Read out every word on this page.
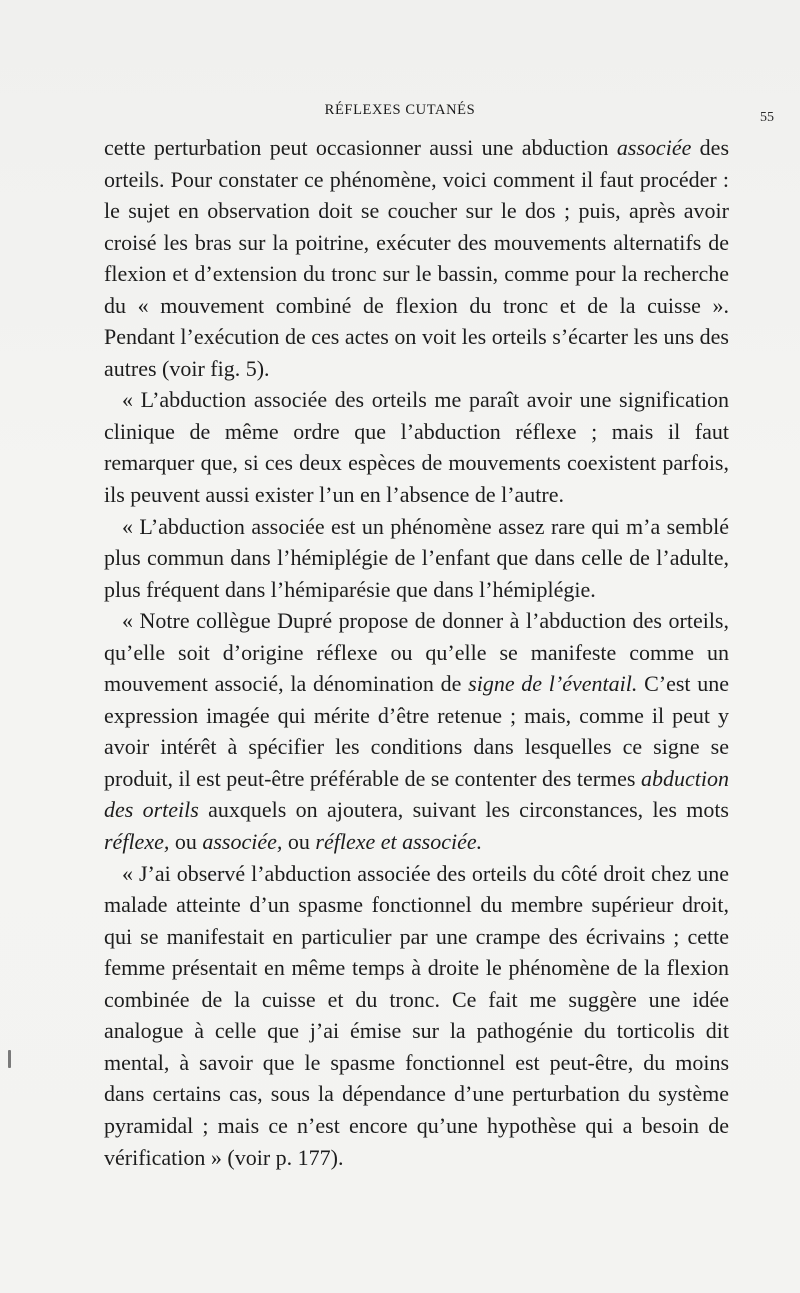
RÉFLEXES CUTANÉS	55

cette perturbation peut occasionner aussi une abduction associée des orteils. Pour constater ce phénomène, voici comment il faut procéder : le sujet en observation doit se coucher sur le dos ; puis, après avoir croisé les bras sur la poitrine, exécuter des mouvements alternatifs de flexion et d’extension du tronc sur le bassin, comme pour la recherche du « mouvement combiné de flexion du tronc et de la cuisse ». Pendant l’exécution de ces actes on voit les orteils s’écarter les uns des autres (voir fig. 5).

« L’abduction associée des orteils me paraît avoir une signification clinique de même ordre que l’abduction réflexe ; mais il faut remarquer que, si ces deux espèces de mouvements coexistent parfois, ils peuvent aussi exister l’un en l’absence de l’autre.

« L’abduction associée est un phénomène assez rare qui m’a semblé plus commun dans l’hémiplégie de l’enfant que dans celle de l’adulte, plus fréquent dans l’hémiparésie que dans l’hémiplégie.

« Notre collègue Dupré propose de donner à l’abduction des orteils, qu’elle soit d’origine réflexe ou qu’elle se manifeste comme un mouvement associé, la dénomination de signe de l’éventail. C’est une expression imagée qui mérite d’être retenue ; mais, comme il peut y avoir intérêt à spécifier les conditions dans lesquelles ce signe se produit, il est peut-être préférable de se contenter des termes abduction des orteils auxquels on ajoutera, suivant les circonstances, les mots réflexe, ou associée, ou réflexe et associée.

« J’ai observé l’abduction associée des orteils du côté droit chez une malade atteinte d’un spasme fonctionnel du membre supérieur droit, qui se manifestait en particulier par une crampe des écrivains ; cette femme présentait en même temps à droite le phénomène de la flexion combinée de la cuisse et du tronc. Ce fait me suggère une idée analogue à celle que j’ai émise sur la pathogénie du torticolis dit mental, à savoir que le spasme fonctionnel est peut-être, du moins dans certains cas, sous la dépendance d’une perturbation du système pyramidal ; mais ce n’est encore qu’une hypothèse qui a besoin de vérification » (voir p. 177).
